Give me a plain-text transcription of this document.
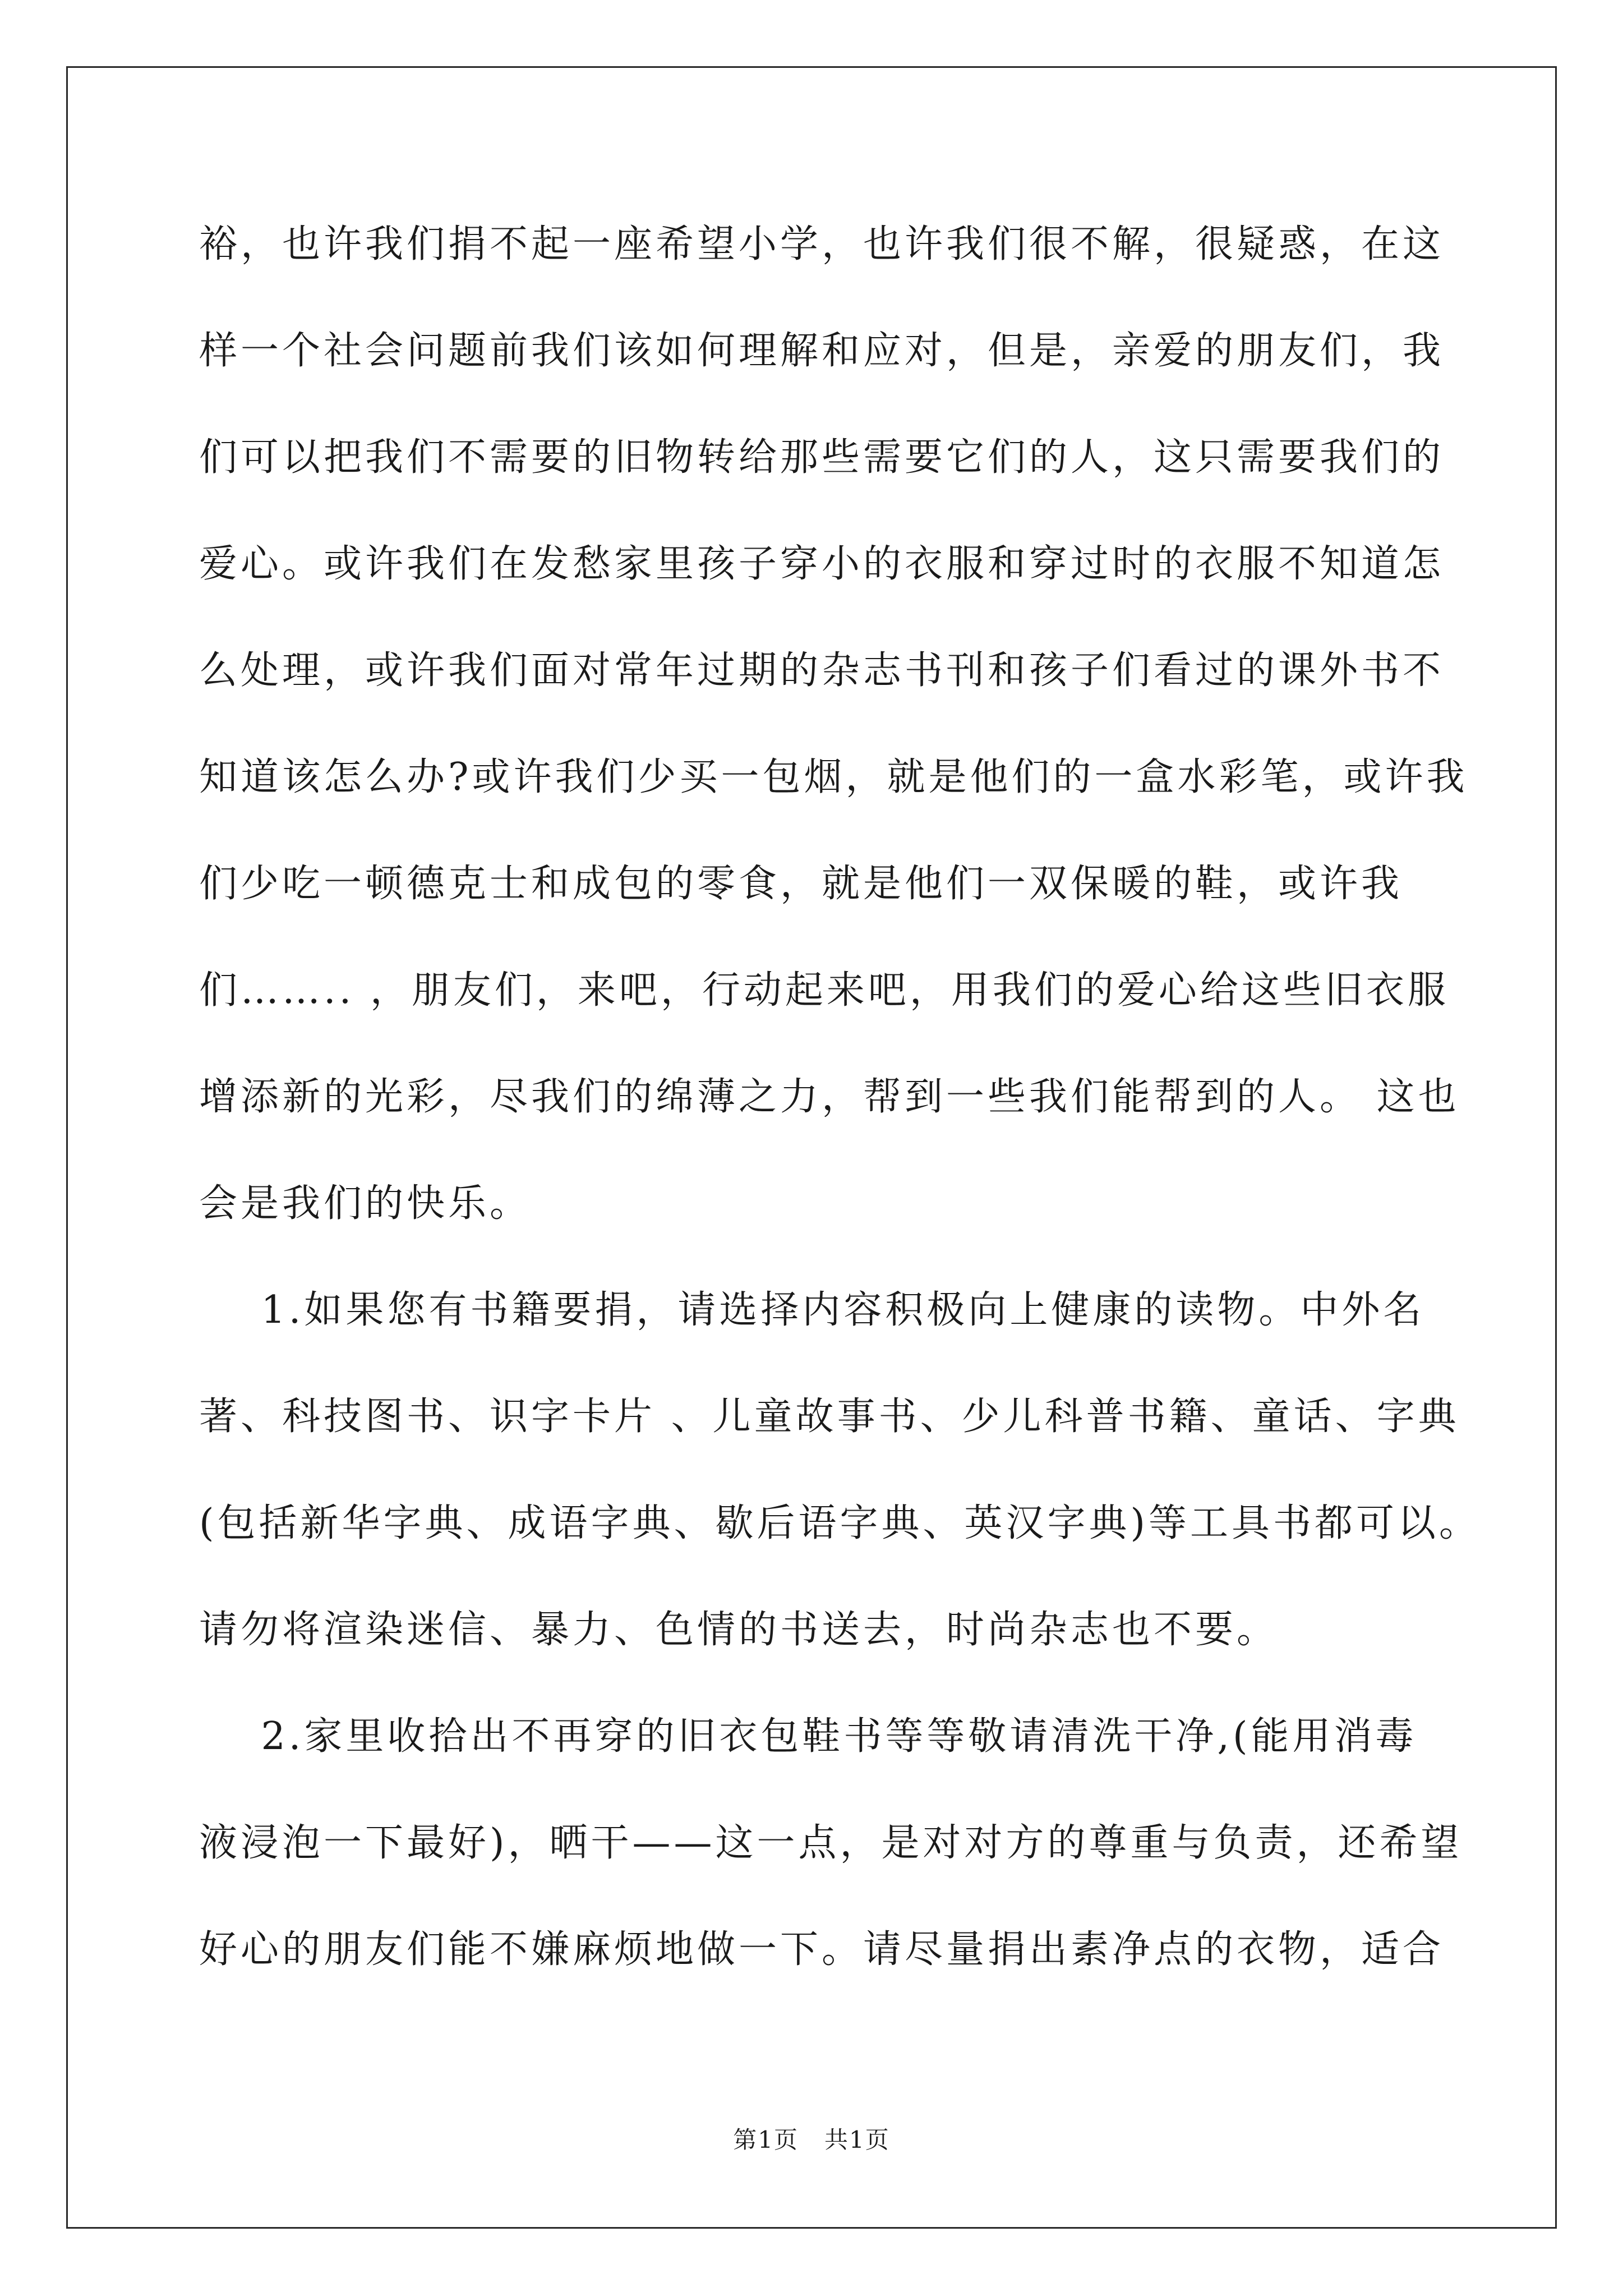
裕，也许我们捐不起一座希望小学，也许我们很不解，很疑惑，在这
样一个社会问题前我们该如何理解和应对，但是，亲爱的朋友们，我
们可以把我们不需要的旧物转给那些需要它们的人，这只需要我们的
爱心。或许我们在发愁家里孩子穿小的衣服和穿过时的衣服不知道怎
么处理，或许我们面对常年过期的杂志书刊和孩子们看过的课外书不
知道该怎么办?或许我们少买一包烟，就是他们的一盒水彩笔，或许我
们少吃一顿德克士和成包的零食，就是他们一双保暖的鞋，或许我
们…….. ，朋友们，来吧，行动起来吧，用我们的爱心给这些旧衣服
增添新的光彩，尽我们的绵薄之力，帮到一些我们能帮到的人。 这也
会是我们的快乐。
1.如果您有书籍要捐，请选择内容积极向上健康的读物。中外名
著、科技图书、识字卡片 、儿童故事书、少儿科普书籍、童话、字典
(包括新华字典、成语字典、歇后语字典、英汉字典)等工具书都可以。
请勿将渲染迷信、暴力、色情的书送去，时尚杂志也不要。
2.家里收拾出不再穿的旧衣包鞋书等等敬请清洗干净,(能用消毒
液浸泡一下最好)，晒干——这一点，是对对方的尊重与负责，还希望
好心的朋友们能不嫌麻烦地做一下。请尽量捐出素净点的衣物，适合
第1页   共1页
